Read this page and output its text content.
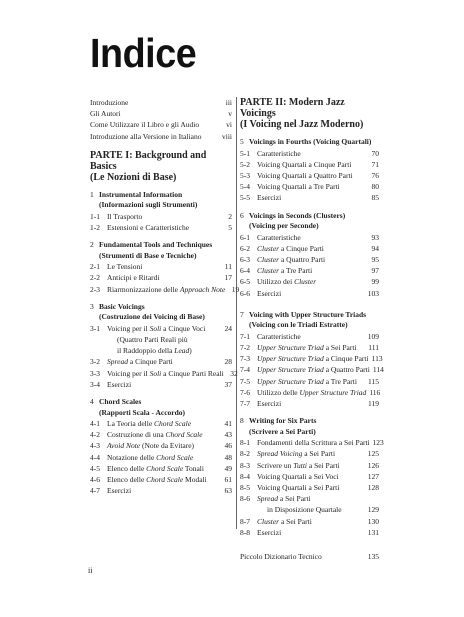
Indice
Introduzione	iii
Gli Autori	v
Come Utilizzare il Libro e gli Audio	vi
Introduzione alla Versione in Italiano	viii
PARTE I: Background and Basics
(Le Nozioni di Base)
1 Instrumental Information
(Informazioni sugli Strumenti)
1-1 Il Trasporto	2
1-2 Estensioni e Caratteristiche	5
2 Fundamental Tools and Techniques
(Strumenti di Base e Tecniche)
2-1 Le Tensioni	11
2-2 Anticipi e Ritardi	17
2-3 Riarmonizzazione delle Approach Note 19
3 Basic Voicings
(Costruzione dei Voicing di Base)
3-1 Voicing per il Soli a Cinque Voci	24
(Quattro Parti Reali più
il Raddoppio della Lead)
3-2 Spread a Cinque Parti	28
3-3 Voicing per il Soli a Cinque Parti Reali 32
3-4 Esercizi	37
4 Chord Scales
(Rapporti Scala - Accordo)
4-1 La Teoria delle Chord Scale	41
4-2 Costruzione di una Chord Scale	43
4-3 Avoid Note (Note da Evitare)	46
4-4 Notazione delle Chord Scale	48
4-5 Elenco delle Chord Scale Tonali	49
4-6 Elenco delle Chord Scale Modali	61
4-7 Esercizi	63
PARTE II: Modern Jazz Voicings
(I Voicing nel Jazz Moderno)
5 Voicings in Fourths (Voicing Quartali)
5-1 Caratteristiche	70
5-2 Voicing Quartali a Cinque Parti	71
5-3 Voicing Quartali a Quattro Parti	76
5-4 Voicing Quartali a Tre Parti	80
5-5 Esercizi	85
6 Voicings in Seconds (Clusters)
(Voicing per Seconde)
6-1 Caratteristiche	93
6-2 Cluster a Cinque Parti	94
6-3 Cluster a Quattro Parti	95
6-4 Cluster a Tre Parti	97
6-5 Utilizzo dei Cluster	99
6-6 Esercizi	103
7 Voicing with Upper Structure Triads
(Voicing con le Triadi Estratte)
7-1 Caratteristiche	109
7-2 Upper Structure Triad a Sei Parti	111
7-3 Upper Structure Triad a Cinque Parti 113
7-4 Upper Structure Triad a Quattro Parti 114
7-5 Upper Structure Triad a Tre Parti	115
7-6 Utilizzo delle Upper Structure Triad 116
7-7 Esercizi	119
8 Writing for Six Parts
(Scrivere a Sei Parti)
8-1 Fondamenti della Scrittura a Sei Parti 123
8-2 Spread Voicing a Sei Parti	125
8-3 Scrivere un Tutti a Sei Parti	126
8-4 Voicing Quartali a Sei Voci	127
8-5 Voicing Quartali a Sei Parti	128
8-6 Spread a Sei Parti
in Disposizione Quartale	129
8-7 Cluster a Sei Parti	130
8-8 Esercizi	131
Piccolo Dizionario Tecnico	135
ii
